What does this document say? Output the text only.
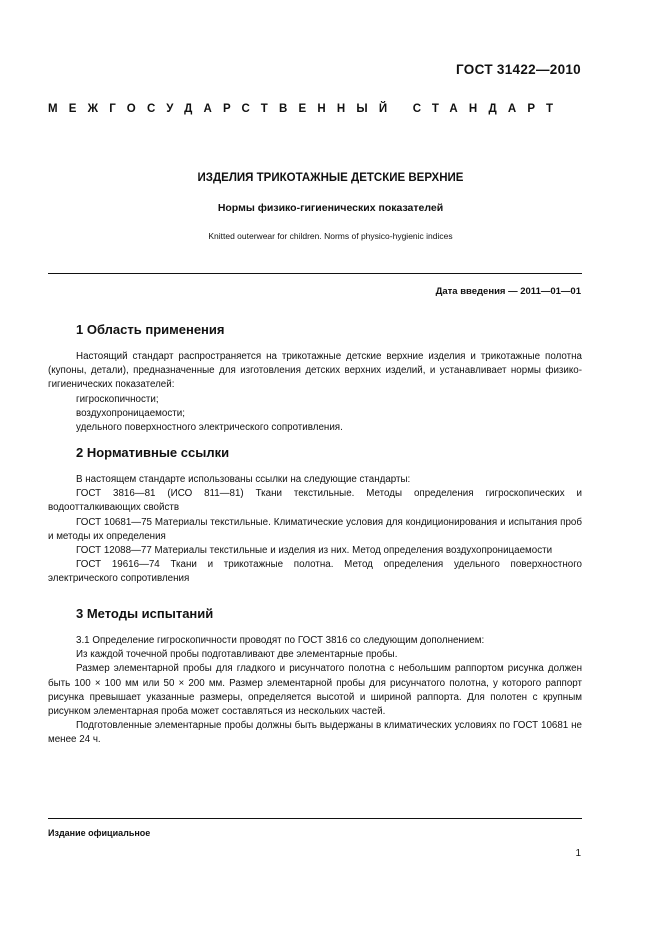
ГОСТ 31422—2010
МЕЖГОСУДАРСТВЕННЫЙ СТАНДАРТ

ИЗДЕЛИЯ ТРИКОТАЖНЫЕ ДЕТСКИЕ ВЕРХНИЕ

Нормы физико-гигиенических показателей

Knitted outerwear for children. Norms of physico-hygienic indices

Дата введения — 2011—01—01

1 Область применения

Настоящий стандарт распространяется на трикотажные детские верхние изделия и трикотажные полотна (купоны, детали), предназначенные для изготовления детских верхних изделий, и устанавливает нормы физико-гигиенических показателей:

гигроскопичности;

воздухопроницаемости;

удельного поверхностного электрического сопротивления.

2 Нормативные ссылки

В настоящем стандарте использованы ссылки на следующие стандарты:

ГОСТ 3816—81 (ИСО 811—81) Ткани текстильные. Методы определения гигроскопических и водоотталкивающих свойств

ГОСТ 10681—75 Материалы текстильные. Климатические условия для кондиционирования и испытания проб и методы их определения

ГОСТ 12088—77 Материалы текстильные и изделия из них. Метод определения воздухопроницаемости

ГОСТ 19616—74 Ткани и трикотажные полотна. Метод определения удельного поверхностного электрического сопротивления

3 Методы испытаний

3.1 Определение гигроскопичности проводят по ГОСТ 3816 со следующим дополнением:

Из каждой точечной пробы подготавливают две элементарные пробы.

Размер элементарной пробы для гладкого и рисунчатого полотна с небольшим раппортом рисунка должен быть 100 × 100 мм или 50 × 200 мм. Размер элементарной пробы для рисунчатого полотна, у которого раппорт рисунка превышает указанные размеры, определяется высотой и шириной раппорта. Для полотен с крупным рисунком элементарная проба может составляться из нескольких частей.

Подготовленные элементарные пробы должны быть выдержаны в климатических условиях по ГОСТ 10681 не менее 24 ч.

Издание официальное
1
